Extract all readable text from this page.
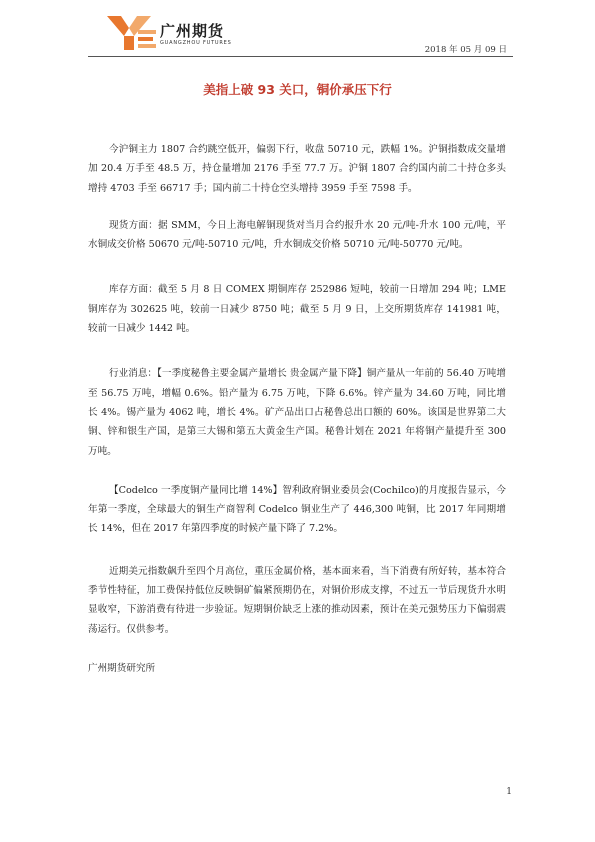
广州期货
GUANGZHOU FUTURES
2018 年 05 月 09 日
美指上破 93 关口，铜价承压下行

今沪铜主力 1807 合约跳空低开，偏弱下行，收盘 50710 元，跌幅 1%。沪铜指数成交量增加 20.4 万手至 48.5 万，持仓量增加 2176 手至 77.7 万。沪铜 1807 合约国内前二十持仓多头增持 4703 手至 66717 手；国内前二十持仓空头增持 3959 手至 7598 手。

现货方面：据 SMM，今日上海电解铜现货对当月合约报升水 20 元/吨-升水 100 元/吨，平水铜成交价格 50670 元/吨-50710 元/吨，升水铜成交价格 50710 元/吨-50770 元/吨。

库存方面：截至 5 月 8 日 COMEX 期铜库存 252986 短吨，较前一日增加 294 吨；LME 铜库存为 302625 吨，较前一日减少 8750 吨；截至 5 月 9 日，上交所期货库存 141981 吨，较前一日减少 1442 吨。

行业消息：【一季度秘鲁主要金属产量增长 贵金属产量下降】铜产量从一年前的 56.40 万吨增至 56.75 万吨，增幅 0.6%。铅产量为 6.75 万吨，下降 6.6%。锌产量为 34.60 万吨，同比增长 4%。锡产量为 4062 吨，增长 4%。矿产品出口占秘鲁总出口额的 60%。该国是世界第二大铜、锌和银生产国，是第三大锡和第五大黄金生产国。秘鲁计划在 2021 年将铜产量提升至 300 万吨。

【Codelco 一季度铜产量同比增 14%】智利政府铜业委员会(Cochilco)的月度报告显示，今年第一季度，全球最大的铜生产商智利 Codelco 铜业生产了 446,300 吨铜，比 2017 年同期增长 14%，但在 2017 年第四季度的时候产量下降了 7.2%。

近期美元指数飙升至四个月高位，重压金属价格，基本面来看，当下消费有所好转，基本符合季节性特征，加工费保持低位反映铜矿偏紧预期仍在，对铜价形成支撑，不过五一节后现货升水明显收窄，下游消费有待进一步验证。短期铜价缺乏上涨的推动因素，预计在美元强势压力下偏弱震荡运行。仅供参考。

广州期货研究所
1
